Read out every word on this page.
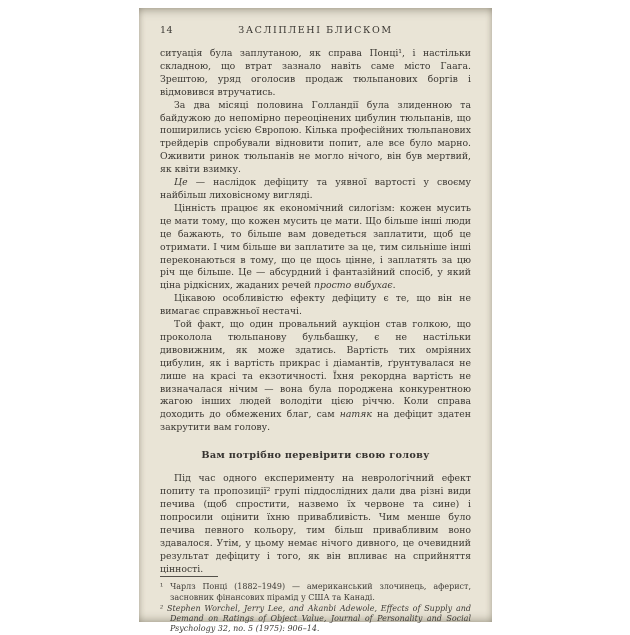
14	ЗАСЛІПЛЕНІ БЛИСКОМ

ситуація була заплутаною, як справа Понці¹, і настільки складною, що втрат зазнало навіть саме місто Гаага. Зрештою, уряд оголосив продаж тюльпанових боргів і відмовився втручатись.

За два місяці половина Голландії була злиденною та байдужою до непомірно переоцінених цибулин тюльпанів, що поширились усією Європою. Кілька професійних тюльпанових трейдерів спробували відновити попит, але все було марно. Оживити ринок тюльпанів не могло нічого, він був мертвий, як квіти взимку.

Це — наслідок дефіциту та уявної вартості у своєму найбільш лиховісному вигляді.

Цінність працює як економічний силогізм: кожен мусить це мати тому, що кожен мусить це мати. Що більше інші люди це бажають, то більше вам доведеться заплатити, щоб це отримати. І чим більше ви заплатите за це, тим сильніше інші переконаються в тому, що це щось цінне, і заплатять за цю річ ще більше. Це — абсурдний і фантазійний спосіб, у який ціна рідкісних, жаданих речей просто вибухає.

Цікавою особливістю ефекту дефіциту є те, що він не вимагає справжньої нестачі.

Той факт, що один провальний аукціон став голкою, що проколола тюльпанову бульбашку, є не настільки дивовижним, як може здатись. Вартість тих омріяних цибулин, як і вартість прикрас і діамантів, ґрунтувалася не лише на красі та екзотичності. Їхня рекордна вартість не визначалася нічим — вона була породжена конкурентною жагою інших людей володіти цією річчю. Коли справа доходить до обмежених благ, сам натяк на дефіцит здатен закрутити вам голову.

Вам потрібно перевірити свою голову

Під час одного експерименту на неврологічний ефект попиту та пропозиції² групі піддослідних дали два різні види печива (щоб спростити, назвемо їх червоне та сине) і попросили оцінити їхню привабливість. Чим менше було печива певного кольору, тим більш привабливим воно здавалося. Утім, у цьому немає нічого дивного, це очевидний результат дефіциту і того, як він впливає на сприйняття цінності.

¹ Чарлз Понці (1882–1949) — американський злочинець, аферист, засновник фінансових пірамід у США та Канаді.

² Stephen Worchel, Jerry Lee, and Akanbi Adewole, Effects of Supply and Demand on Ratings of Object Value, Journal of Personality and Social Psychology 32, no. 5 (1975): 906–14.
